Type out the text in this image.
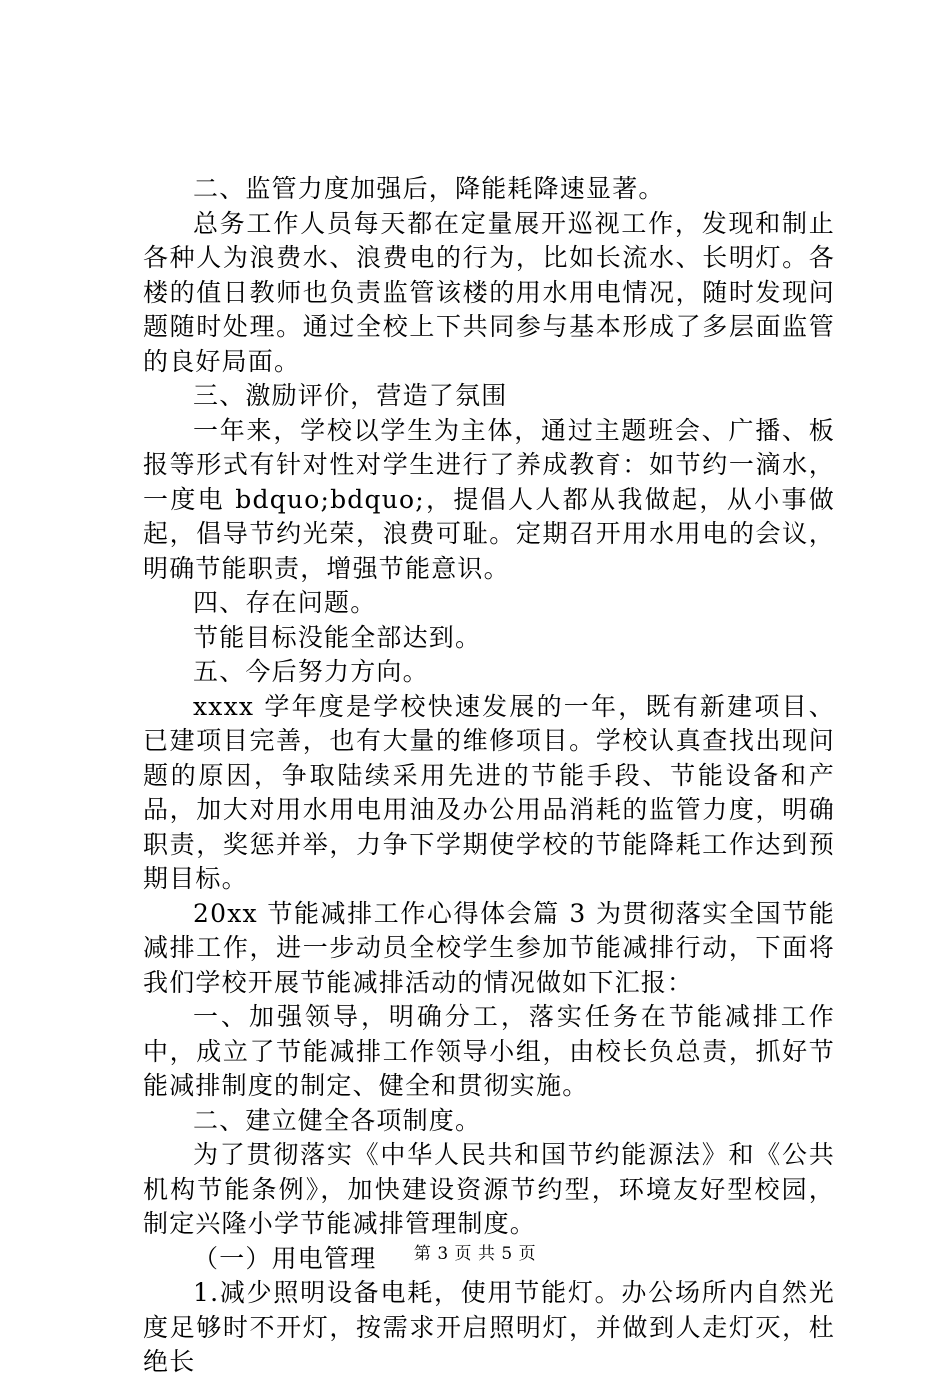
二、监管力度加强后，降能耗降速显著。

总务工作人员每天都在定量展开巡视工作，发现和制止各种人为浪费水、浪费电的行为，比如长流水、长明灯。各楼的值日教师也负责监管该楼的用水用电情况，随时发现问题随时处理。通过全校上下共同参与基本形成了多层面监管的良好局面。

三、激励评价，营造了氛围

一年来，学校以学生为主体，通过主题班会、广播、板报等形式有针对性对学生进行了养成教育：如节约一滴水，一度电 bdquo;bdquo;，提倡人人都从我做起，从小事做起，倡导节约光荣，浪费可耻。定期召开用水用电的会议，明确节能职责，增强节能意识。

四、存在问题。

节能目标没能全部达到。

五、今后努力方向。

xxxx 学年度是学校快速发展的一年，既有新建项目、已建项目完善，也有大量的维修项目。学校认真查找出现问题的原因，争取陆续采用先进的节能手段、节能设备和产品，加大对用水用电用油及办公用品消耗的监管力度，明确职责，奖惩并举，力争下学期使学校的节能降耗工作达到预期目标。

20xx 节能减排工作心得体会篇 3 为贯彻落实全国节能减排工作，进一步动员全校学生参加节能减排行动，下面将我们学校开展节能减排活动的情况做如下汇报：

一、加强领导，明确分工，落实任务在节能减排工作中，成立了节能减排工作领导小组，由校长负总责，抓好节能减排制度的制定、健全和贯彻实施。

二、建立健全各项制度。

为了贯彻落实《中华人民共和国节约能源法》和《公共机构节能条例》，加快建设资源节约型，环境友好型校园，制定兴隆小学节能减排管理制度。

（一）用电管理

1.减少照明设备电耗，使用节能灯。办公场所内自然光度足够时不开灯，按需求开启照明灯，并做到人走灯灭，杜绝长

第 3 页 共 5 页
